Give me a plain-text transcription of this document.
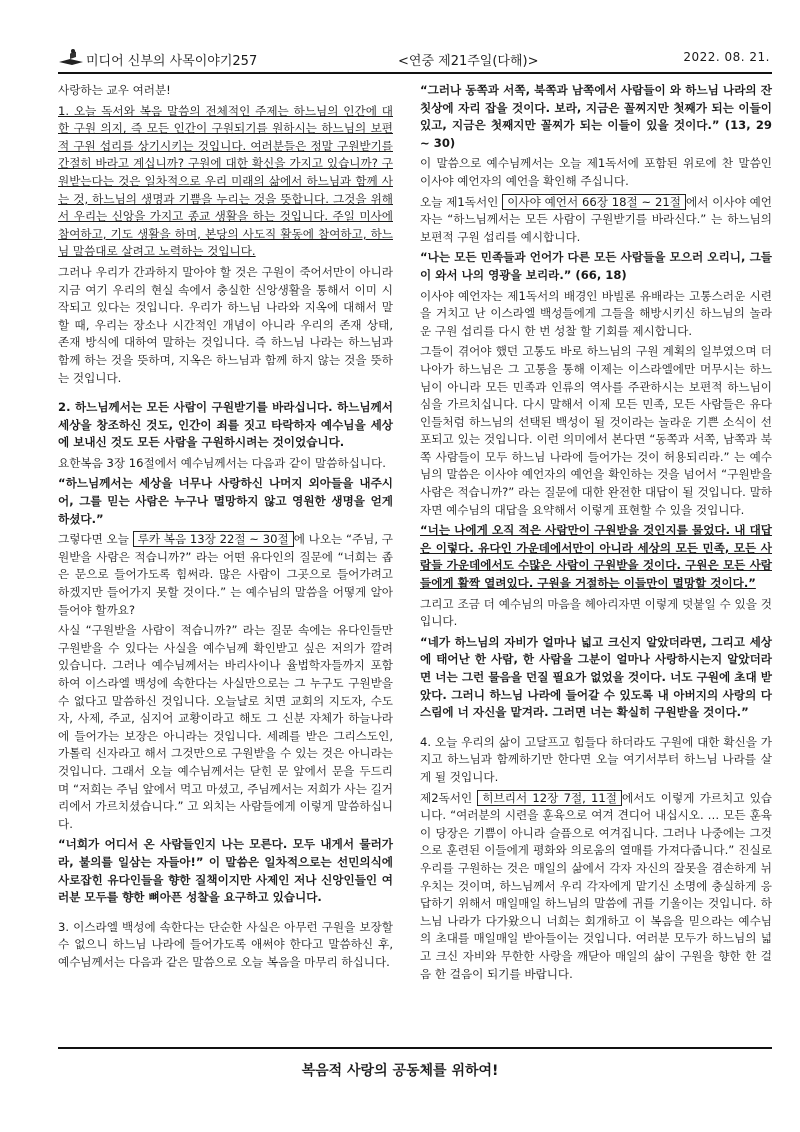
미디어 신부의 사목이야기257	<연중 제21주일(다해)>	2022. 08. 21.

사랑하는 교우 여러분!

1. 오늘 독서와 복음 말씀의 전체적인 주제는 하느님의 인간에 대한 구원 의지, 즉 모든 인간이 구원되기를 원하시는 하느님의 보편적 구원 섭리를 상기시키는 것입니다. 여러분들은 정말 구원받기를 간절히 바라고 계십니까? 구원에 대한 확신을 가지고 있습니까? 구원받는다는 것은 일차적으로 우리 미래의 삶에서 하느님과 함께 사는 것, 하느님의 생명과 기쁨을 누리는 것을 뜻합니다. 그것을 위해서 우리는 신앙을 가지고 종교 생활을 하는 것입니다. 주일 미사에 참여하고, 기도 생활을 하며, 본당의 사도직 활동에 참여하고, 하느님 말씀대로 살려고 노력하는 것입니다.

그러나 우리가 간과하지 말아야 할 것은 구원이 죽어서만이 아니라 지금 여기 우리의 현실 속에서 충실한 신앙생활을 통해서 이미 시작되고 있다는 것입니다. 우리가 하느님 나라와 지옥에 대해서 말할 때, 우리는 장소나 시간적인 개념이 아니라 우리의 존재 상태, 존재 방식에 대하여 말하는 것입니다. 즉 하느님 나라는 하느님과 함께 하는 것을 뜻하며, 지옥은 하느님과 함께 하지 않는 것을 뜻하는 것입니다.

2. 하느님께서는 모든 사람이 구원받기를 바라십니다. 하느님께서 세상을 창조하신 것도, 인간이 죄를 짓고 타락하자 예수님을 세상에 보내신 것도 모든 사람을 구원하시려는 것이었습니다.

요한복음 3장 16절에서 예수님께서는 다음과 같이 말씀하십니다.

“하느님께서는 세상을 너무나 사랑하신 나머지 외아들을 내주시어, 그를 믿는 사람은 누구나 멸망하지 않고 영원한 생명을 얻게 하셨다.”

그렇다면 오늘 루카 복음 13장 22절 ~ 30절 에 나오는 “주님, 구원받을 사람은 적습니까?” 라는 어떤 유다인의 질문에 “너희는 좁은 문으로 들어가도록 힘써라. 많은 사람이 그곳으로 들어가려고 하겠지만 들어가지 못할 것이다.” 는 예수님의 말씀을 어떻게 알아들어야 할까요?

사실 “구원받을 사람이 적습니까?” 라는 질문 속에는 유다인들만 구원받을 수 있다는 사실을 예수님께 확인받고 싶은 저의가 깔려 있습니다. 그러나 예수님께서는 바리사이나 율법학자들까지 포함하여 이스라엘 백성에 속한다는 사실만으로는 그 누구도 구원받을 수 없다고 말씀하신 것입니다. 오늘날로 치면 교회의 지도자, 수도자, 사제, 주교, 심지어 교황이라고 해도 그 신분 자체가 하늘나라에 들어가는 보장은 아니라는 것입니다. 세례를 받은 그리스도인, 가톨릭 신자라고 해서 그것만으로 구원받을 수 있는 것은 아니라는 것입니다. 그래서 오늘 예수님께서는 닫힌 문 앞에서 문을 두드리며 “저희는 주님 앞에서 먹고 마셨고, 주님께서는 저희가 사는 길거리에서 가르치셨습니다.” 고 외치는 사람들에게 이렇게 말씀하십니다.

“너희가 어디서 온 사람들인지 나는 모른다. 모두 내게서 물러가라, 불의를 일삼는 자들아!” 이 말씀은 일차적으로는 선민의식에 사로잡힌 유다인들을 향한 질책이지만 사제인 저나 신앙인들인 여러분 모두를 향한 뼈아픈 성찰을 요구하고 있습니다.

3. 이스라엘 백성에 속한다는 단순한 사실은 아무런 구원을 보장할 수 없으니 하느님 나라에 들어가도록 애써야 한다고 말씀하신 후, 예수님께서는 다음과 같은 말씀으로 오늘 복음을 마무리 하십니다.

“그러나 동쪽과 서쪽, 북쪽과 남쪽에서 사람들이 와 하느님 나라의 잔칫상에 자리 잡을 것이다. 보라, 지금은 꼴찌지만 첫째가 되는 이들이 있고, 지금은 첫째지만 꼴찌가 되는 이들이 있을 것이다.” (13, 29 ~ 30)

이 말씀으로 예수님께서는 오늘 제1독서에 포함된 위로에 찬 말씀인 이사야 예언자의 예언을 확인해 주십니다.

오늘 제1독서인 이사야 예언서 66장 18절 ~ 21절 에서 이사야 예언자는 “하느님께서는 모든 사람이 구원받기를 바라신다.” 는 하느님의 보편적 구원 섭리를 예시합니다.

“나는 모든 민족들과 언어가 다른 모든 사람들을 모으러 오리니, 그들이 와서 나의 영광을 보리라.” (66, 18)

이사야 예언자는 제1독서의 배경인 바빌론 유배라는 고통스러운 시련을 거치고 난 이스라엘 백성들에게 그들을 해방시키신 하느님의 놀라운 구원 섭리를 다시 한 번 성찰 할 기회를 제시합니다.

그들이 겪어야 했던 고통도 바로 하느님의 구원 계획의 일부였으며 더 나아가 하느님은 그 고통을 통해 이제는 이스라엘에만 머무시는 하느님이 아니라 모든 민족과 인류의 역사를 주관하시는 보편적 하느님이심을 가르치십니다. 다시 말해서 이제 모든 민족, 모든 사람들은 유다인들처럼 하느님의 선택된 백성이 될 것이라는 놀라운 기쁜 소식이 선포되고 있는 것입니다. 이런 의미에서 본다면 “동쪽과 서쪽, 남쪽과 북쪽 사람들이 모두 하느님 나라에 들어가는 것이 허용되리라.” 는 예수님의 말씀은 이사야 예언자의 예언을 확인하는 것을 넘어서 “구원받을 사람은 적습니까?” 라는 질문에 대한 완전한 대답이 될 것입니다. 말하자면 예수님의 대답을 요약해서 이렇게 표현할 수 있을 것입니다.

“너는 나에게 오직 적은 사람만이 구원받을 것인지를 물었다. 내 대답은 이렇다. 유다인 가운데에서만이 아니라 세상의 모든 민족, 모든 사람들 가운데에서도 수많은 사람이 구원받을 것이다. 구원은 모든 사람들에게 활짝 열려있다. 구원을 거절하는 이들만이 멸망할 것이다.”

그리고 조금 더 예수님의 마음을 헤아리자면 이렇게 덧붙일 수 있을 것입니다.

“네가 하느님의 자비가 얼마나 넓고 크신지 알았더라면, 그리고 세상에 태어난 한 사람, 한 사람을 그분이 얼마나 사랑하시는지 알았더라면 너는 그런 물음을 던질 필요가 없었을 것이다. 너도 구원에 초대 받았다. 그러니 하느님 나라에 들어갈 수 있도록 내 아버지의 사랑의 다스림에 너 자신을 맡겨라. 그러면 너는 확실히 구원받을 것이다.”

4. 오늘 우리의 삶이 고달프고 힘들다 하더라도 구원에 대한 확신을 가지고 하느님과 함께하기만 한다면 오늘 여기서부터 하느님 나라를 살게 될 것입니다.

제2독서인 히브리서 12장 7절, 11절 에서도 이렇게 가르치고 있습니다. “여러분의 시련을 훈육으로 여겨 견디어 내십시오. … 모든 훈육이 당장은 기쁨이 아니라 슬픔으로 여겨집니다. 그러나 나중에는 그것으로 훈련된 이들에게 평화와 의로움의 열매를 가져다줍니다.” 진실로 우리를 구원하는 것은 매일의 삶에서 각자 자신의 잘못을 겸손하게 뉘우치는 것이며, 하느님께서 우리 각자에게 맡기신 소명에 충실하게 응답하기 위해서 매일매일 하느님의 말씀에 귀를 기울이는 것입니다. 하느님 나라가 다가왔으니 너희는 회개하고 이 복음을 믿으라는 예수님의 초대를 매일매일 받아들이는 것입니다. 여러분 모두가 하느님의 넓고 크신 자비와 무한한 사랑을 깨닫아 매일의 삶이 구원을 향한 한 걸음 한 걸음이 되기를 바랍니다.

복음적 사랑의 공동체를 위하여!
